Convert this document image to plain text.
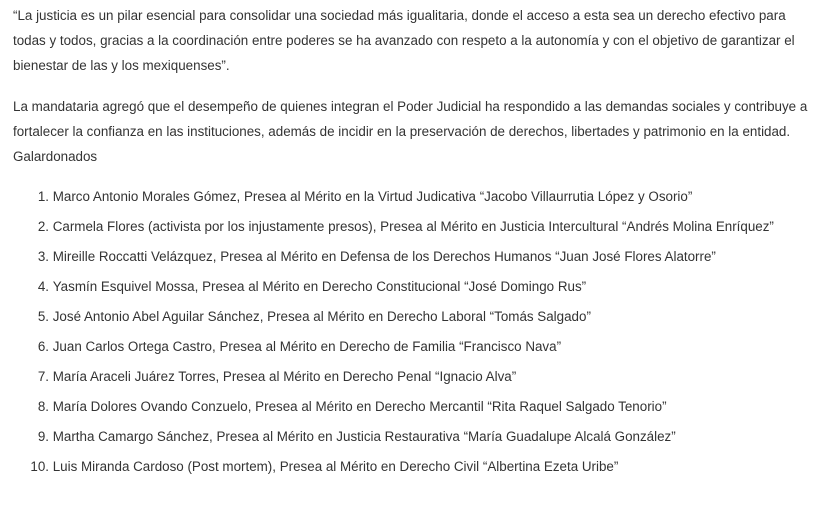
“La justicia es un pilar esencial para consolidar una sociedad más igualitaria, donde el acceso a esta sea un derecho efectivo para todas y todos, gracias a la coordinación entre poderes se ha avanzado con respeto a la autonomía y con el objetivo de garantizar el bienestar de las y los mexiquenses”.

La mandataria agregó que el desempeño de quienes integran el Poder Judicial ha respondido a las demandas sociales y contribuye a fortalecer la confianza en las instituciones, además de incidir en la preservación de derechos, libertades y patrimonio en la entidad.

Galardonados

1.
Marco Antonio Morales Gómez, Presea al Mérito en la Virtud Judicativa “Jacobo Villaurrutia López y Osorio”
2.
Carmela Flores (activista por los injustamente presos), Presea al Mérito en Justicia Intercultural “Andrés Molina Enríquez”
3.
Mireille Roccatti Velázquez, Presea al Mérito en Defensa de los Derechos Humanos “Juan José Flores Alatorre”
4.
Yasmín Esquivel Mossa, Presea al Mérito en Derecho Constitucional “José Domingo Rus”
5.
José Antonio Abel Aguilar Sánchez, Presea al Mérito en Derecho Laboral “Tomás Salgado”
6.
Juan Carlos Ortega Castro, Presea al Mérito en Derecho de Familia “Francisco Nava”
7.
María Araceli Juárez Torres, Presea al Mérito en Derecho Penal “Ignacio Alva”
8.
María Dolores Ovando Conzuelo, Presea al Mérito en Derecho Mercantil “Rita Raquel Salgado Tenorio”
9.
Martha Camargo Sánchez, Presea al Mérito en Justicia Restaurativa “María Guadalupe Alcalá González”
10.
Luis Miranda Cardoso (Post mortem), Presea al Mérito en Derecho Civil “Albertina Ezeta Uribe”
